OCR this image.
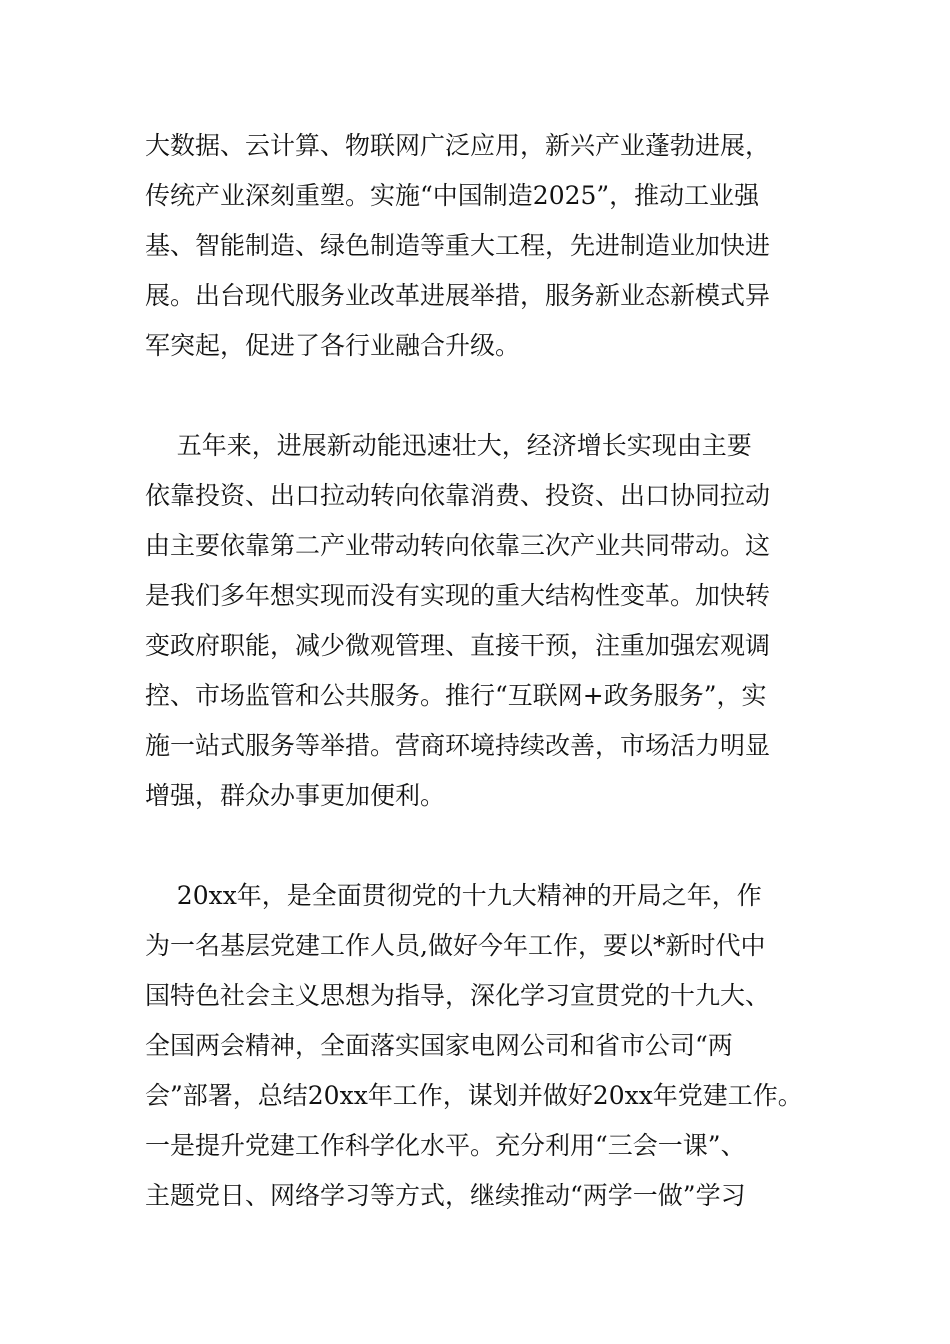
大数据、云计算、物联网广泛应用，新兴产业蓬勃进展，
传统产业深刻重塑。实施“中国制造2025”，推动工业强
基、智能制造、绿色制造等重大工程，先进制造业加快进
展。出台现代服务业改革进展举措，服务新业态新模式异
军突起，促进了各行业融合升级。
五年来，进展新动能迅速壮大，经济增长实现由主要
依靠投资、出口拉动转向依靠消费、投资、出口协同拉动
由主要依靠第二产业带动转向依靠三次产业共同带动。这
是我们多年想实现而没有实现的重大结构性变革。加快转
变政府职能，减少微观管理、直接干预，注重加强宏观调
控、市场监管和公共服务。推行“互联网+政务服务”，实
施一站式服务等举措。营商环境持续改善，市场活力明显
增强，群众办事更加便利。
20xx年，是全面贯彻党的十九大精神的开局之年，作
为一名基层党建工作人员,做好今年工作，要以*新时代中
国特色社会主义思想为指导，深化学习宣贯党的十九大、
全国两会精神，全面落实国家电网公司和省市公司“两
会”部署，总结20xx年工作，谋划并做好20xx年党建工作。
一是提升党建工作科学化水平。充分利用“三会一课”、
主题党日、网络学习等方式，继续推动“两学一做”学习
